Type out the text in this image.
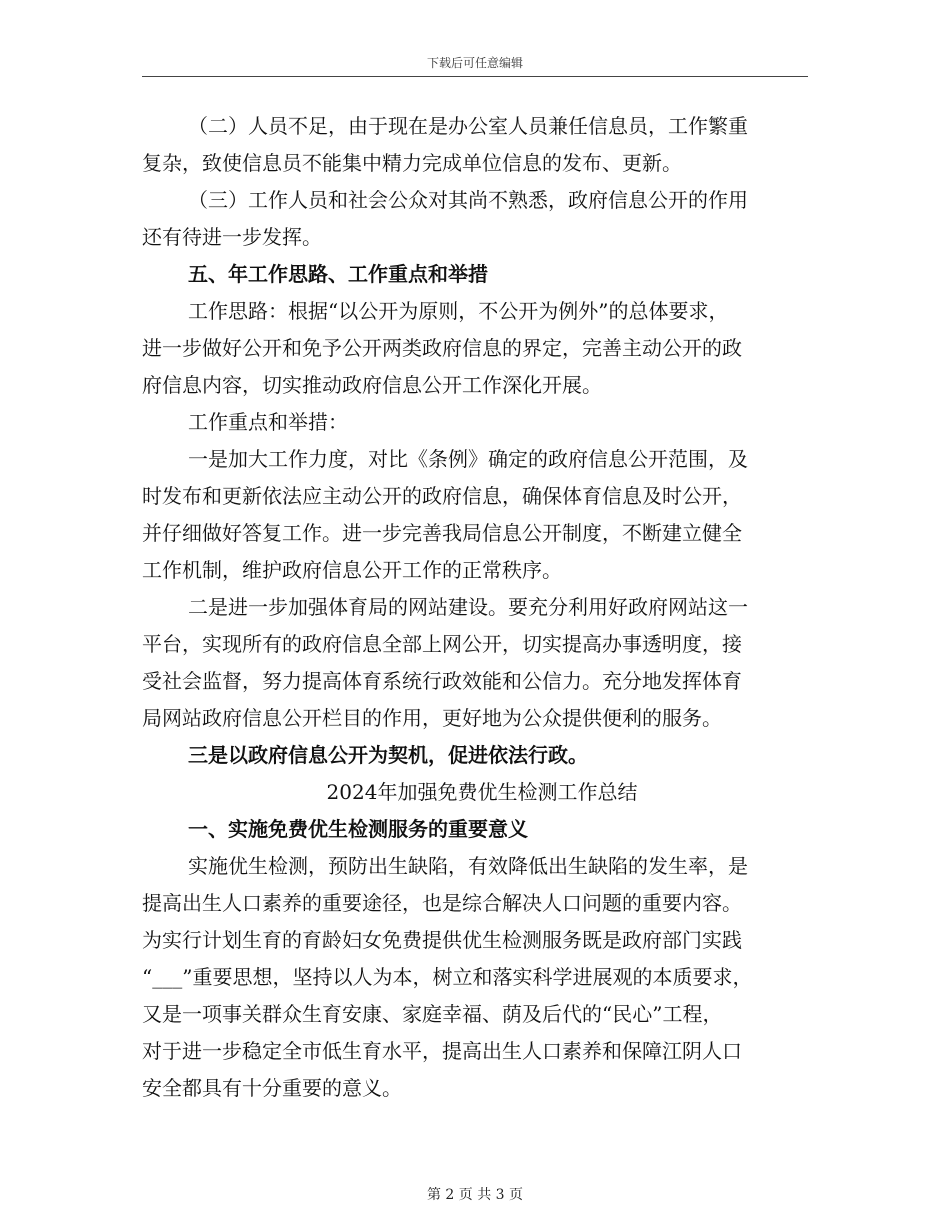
下载后可任意编辑
（二）人员不足，由于现在是办公室人员兼任信息员，工作繁重
复杂，致使信息员不能集中精力完成单位信息的发布、更新。
（三）工作人员和社会公众对其尚不熟悉，政府信息公开的作用
还有待进一步发挥。
五、年工作思路、工作重点和举措
工作思路：根据“以公开为原则，不公开为例外”的总体要求，
进一步做好公开和免予公开两类政府信息的界定，完善主动公开的政
府信息内容，切实推动政府信息公开工作深化开展。
工作重点和举措：
一是加大工作力度，对比《条例》确定的政府信息公开范围，及
时发布和更新依法应主动公开的政府信息，确保体育信息及时公开，
并仔细做好答复工作。进一步完善我局信息公开制度，不断建立健全
工作机制，维护政府信息公开工作的正常秩序。
二是进一步加强体育局的网站建设。要充分利用好政府网站这一
平台，实现所有的政府信息全部上网公开，切实提高办事透明度，接
受社会监督，努力提高体育系统行政效能和公信力。充分地发挥体育
局网站政府信息公开栏目的作用，更好地为公众提供便利的服务。
三是以政府信息公开为契机，促进依法行政。
2024年加强免费优生检测工作总结
一、实施免费优生检测服务的重要意义
实施优生检测，预防出生缺陷，有效降低出生缺陷的发生率，是
提高出生人口素养的重要途径，也是综合解决人口问题的重要内容。
为实行计划生育的育龄妇女免费提供优生检测服务既是政府部门实践
“___”重要思想，坚持以人为本，树立和落实科学进展观的本质要求，
又是一项事关群众生育安康、家庭幸福、荫及后代的“民心”工程，
对于进一步稳定全市低生育水平，提高出生人口素养和保障江阴人口
安全都具有十分重要的意义。
第 2 页 共 3 页
